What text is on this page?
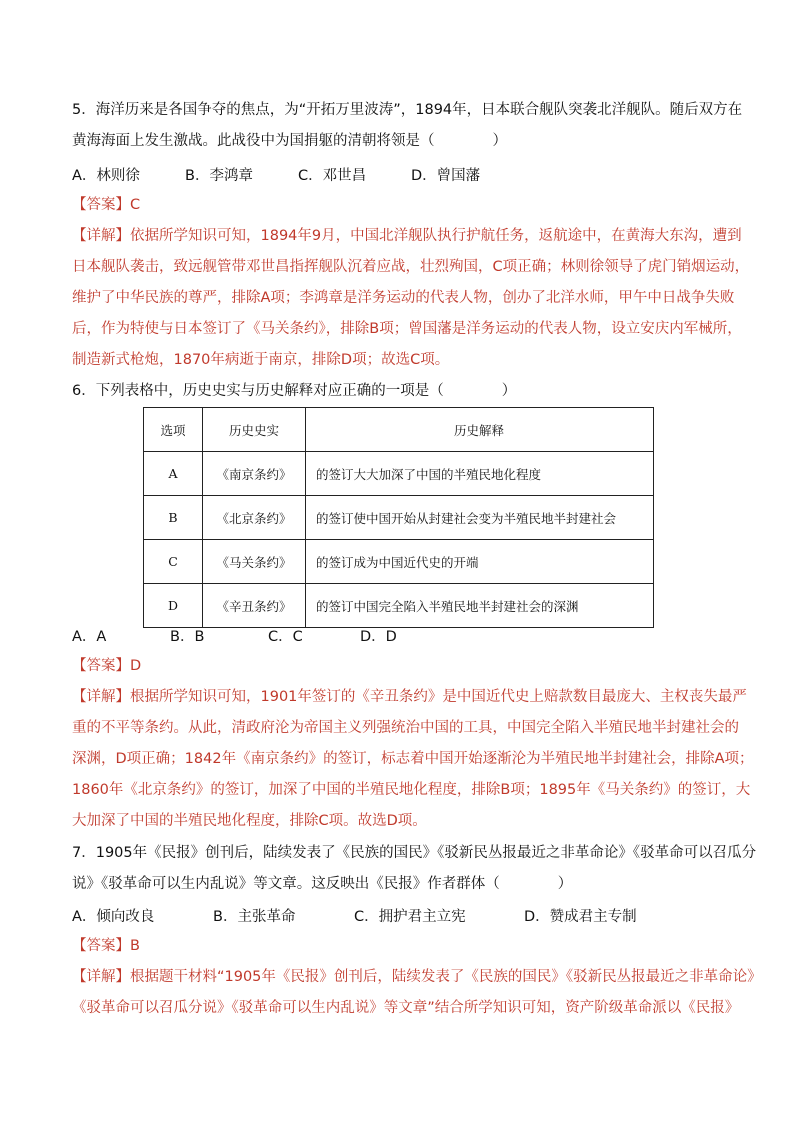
5．海洋历来是各国争夺的焦点，为“开拓万里波涛”，1894年，日本联合舰队突袭北洋舰队。随后双方在
黄海海面上发生激战。此战役中为国捐躯的清朝将领是（　　　　）
A．林则徐	B．李鸿章	C．邓世昌	D．曾国藩
【答案】C
【详解】依据所学知识可知，1894年9月，中国北洋舰队执行护航任务，返航途中，在黄海大东沟，遭到
日本舰队袭击，致远舰管带邓世昌指挥舰队沉着应战，壮烈殉国，C项正确；林则徐领导了虎门销烟运动，
维护了中华民族的尊严，排除A项；李鸿章是洋务运动的代表人物，创办了北洋水师，甲午中日战争失败
后，作为特使与日本签订了《马关条约》，排除B项；曾国藩是洋务运动的代表人物，设立安庆内军械所，
制造新式枪炮，1870年病逝于南京，排除D项；故选C项。
6．下列表格中，历史史实与历史解释对应正确的一项是（　　　　）
选项	历史史实	历史解释
A	《南京条约》	的签订大大加深了中国的半殖民地化程度
B	《北京条约》	的签订使中国开始从封建社会变为半殖民地半封建社会
C	《马关条约》	的签订成为中国近代史的开端
D	《辛丑条约》	的签订中国完全陷入半殖民地半封建社会的深渊
A．A	B．B	C．C	D．D
【答案】D
【详解】根据所学知识可知，1901年签订的《辛丑条约》是中国近代史上赔款数目最庞大、主权丧失最严
重的不平等条约。从此，清政府沦为帝国主义列强统治中国的工具，中国完全陷入半殖民地半封建社会的
深渊，D项正确；1842年《南京条约》的签订，标志着中国开始逐渐沦为半殖民地半封建社会，排除A项；
1860年《北京条约》的签订，加深了中国的半殖民地化程度，排除B项；1895年《马关条约》的签订，大
大加深了中国的半殖民地化程度，排除C项。故选D项。
7．1905年《民报》创刊后，陆续发表了《民族的国民》《驳新民丛报最近之非革命论》《驳革命可以召瓜分
说》《驳革命可以生内乱说》等文章。这反映出《民报》作者群体（　　　　）
A．倾向改良	B．主张革命	C．拥护君主立宪	D．赞成君主专制
【答案】B
【详解】根据题干材料“1905年《民报》创刊后，陆续发表了《民族的国民》《驳新民丛报最近之非革命论》
《驳革命可以召瓜分说》《驳革命可以生内乱说》等文章”结合所学知识可知，资产阶级革命派以《民报》
